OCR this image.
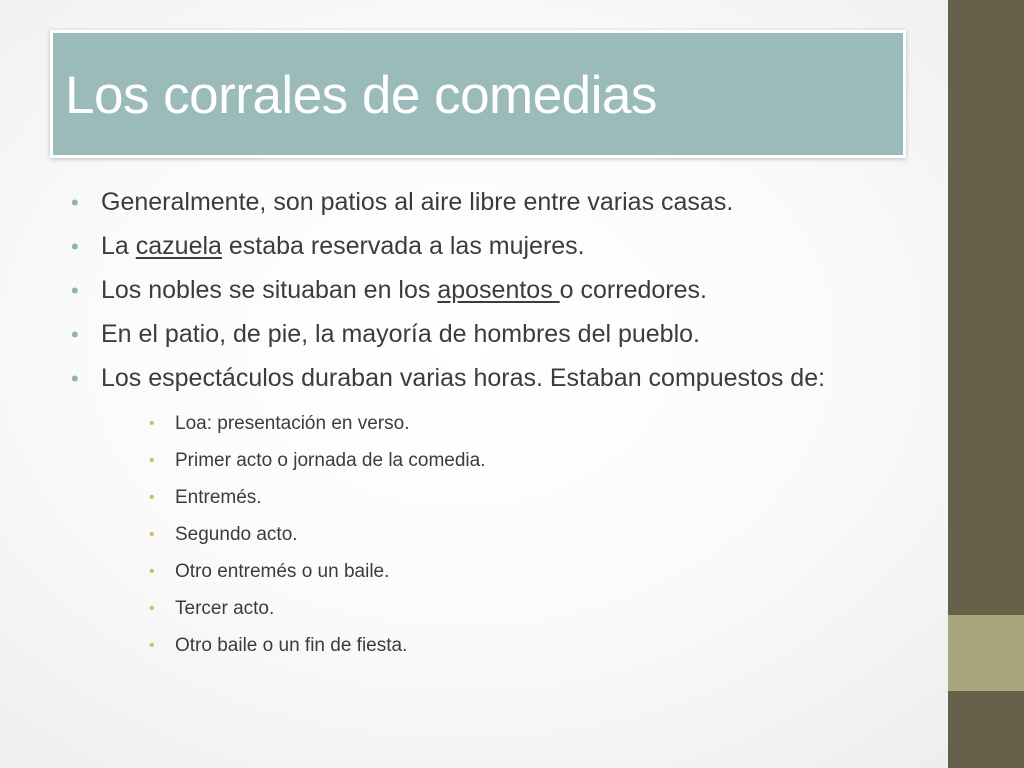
Los corrales de comedias
• Generalmente, son patios al aire libre entre varias casas.
• La cazuela estaba reservada a las mujeres.
• Los nobles se situaban en los aposentos o corredores.
• En el patio, de pie, la mayoría de hombres del pueblo.
• Los espectáculos duraban varias horas. Estaban compuestos de:
• Loa: presentación en verso.
• Primer acto o jornada de la comedia.
• Entremés.
• Segundo acto.
• Otro entremés o un baile.
• Tercer acto.
• Otro baile o un fin de fiesta.
